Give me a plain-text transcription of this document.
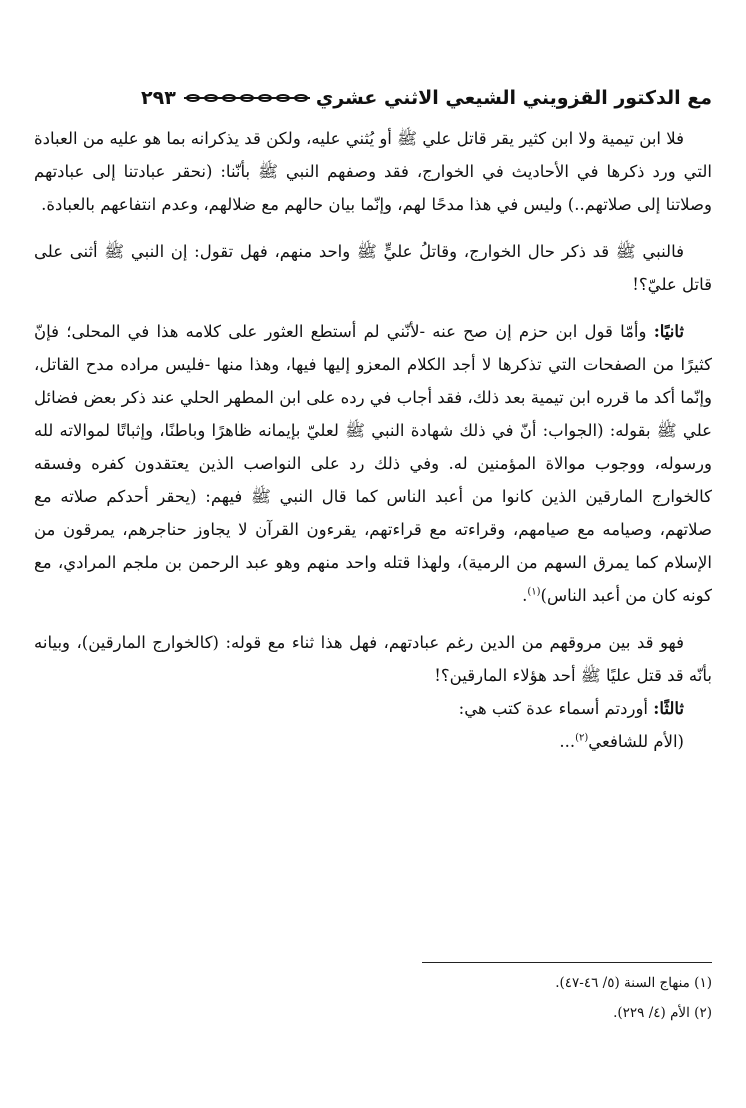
مع الدكتور القزويني الشيعي الاثني عشري
٢٩٣

فلا ابن تيمية ولا ابن كثير يقر قاتل علي ﷺ أو يُثني عليه، ولكن قد يذكرانه بما هو عليه من العبادة التي ورد ذكرها في الأحاديث في الخوارج، فقد وصفهم النبي ﷺ بأنّنا: (نحقر عبادتنا إلى عبادتهم وصلاتنا إلى صلاتهم..) وليس في هذا مدحًا لهم، وإنّما بيان حالهم مع ضلالهم، وعدم انتفاعهم بالعبادة.

فالنبي ﷺ قد ذكر حال الخوارج، وقاتلُ عليٍّ ﷺ واحد منهم، فهل تقول: إن النبي ﷺ أثنى على قاتل عليّ؟!

ثانيًا: وأمّا قول ابن حزم إن صح عنه -لأنّني لم أستطع العثور على كلامه هذا في المحلى؛ فإنّ كثيرًا من الصفحات التي تذكرها لا أجد الكلام المعزو إليها فيها، وهذا منها -فليس مراده مدح القاتل، وإنّما أكد ما قرره ابن تيمية بعد ذلك، فقد أجاب في رده على ابن المطهر الحلي عند ذكر بعض فضائل علي ﷺ بقوله: (الجواب: أنّ في ذلك شهادة النبي ﷺ لعليّ بإيمانه ظاهرًا وباطنًا، وإثباتًا لموالاته لله ورسوله، ووجوب موالاة المؤمنين له. وفي ذلك رد على النواصب الذين يعتقدون كفره وفسقه كالخوارج المارقين الذين كانوا من أعبد الناس كما قال النبي ﷺ فيهم: (يحقر أحدكم صلاته مع صلاتهم، وصيامه مع صيامهم، وقراءته مع قراءتهم، يقرءون القرآن لا يجاوز حناجرهم، يمرقون من الإسلام كما يمرق السهم من الرمية)، ولهذا قتله واحد منهم وهو عبد الرحمن بن ملجم المرادي، مع كونه كان من أعبد الناس)$^{(١)}$.

فهو قد بين مروقهم من الدين رغم عبادتهم، فهل هذا ثناء مع قوله: (كالخوارج المارقين)، وبيانه بأنّه قد قتل عليًا ﷺ أحد هؤلاء المارقين؟!

ثالثًا: أوردتم أسماء عدة كتب هي:

(الأم للشافعي$^{(٢)}$...

(١) منهاج السنة (٥/ ٤٦-٤٧).

(٢) الأم (٤/ ٢٢٩).
